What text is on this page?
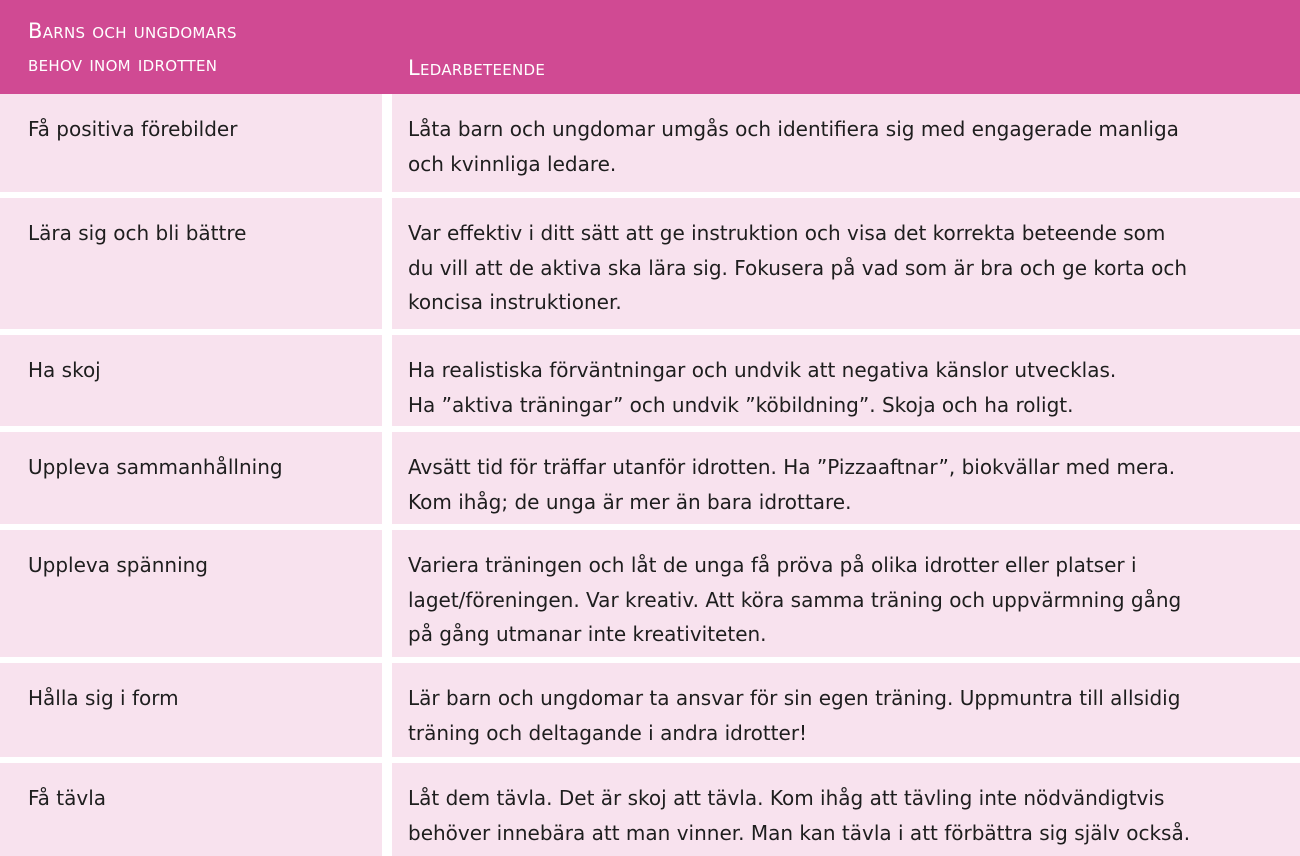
Barns och ungdomars
behov inom idrotten	Ledarbeteende
Få positiva förebilder	Låta barn och ungdomar umgås och identifiera sig med engagerade manliga
och kvinnliga ledare.
Lära sig och bli bättre	Var effektiv i ditt sätt att ge instruktion och visa det korrekta beteende som
du vill att de aktiva ska lära sig. Fokusera på vad som är bra och ge korta och
koncisa instruktioner.
Ha skoj	Ha realistiska förväntningar och undvik att negativa känslor utvecklas.
Ha ”aktiva träningar” och undvik ”köbildning”. Skoja och ha roligt.
Uppleva sammanhållning	Avsätt tid för träffar utanför idrotten. Ha ”Pizzaaftnar”, biokvällar med mera.
Kom ihåg; de unga är mer än bara idrottare.
Uppleva spänning	Variera träningen och låt de unga få pröva på olika idrotter eller platser i
laget/föreningen. Var kreativ. Att köra samma träning och uppvärmning gång
på gång utmanar inte kreativiteten.
Hålla sig i form	Lär barn och ungdomar ta ansvar för sin egen träning. Uppmuntra till allsidig
träning och deltagande i andra idrotter!
Få tävla	Låt dem tävla. Det är skoj att tävla. Kom ihåg att tävling inte nödvändigtvis
behöver innebära att man vinner. Man kan tävla i att förbättra sig själv också.
